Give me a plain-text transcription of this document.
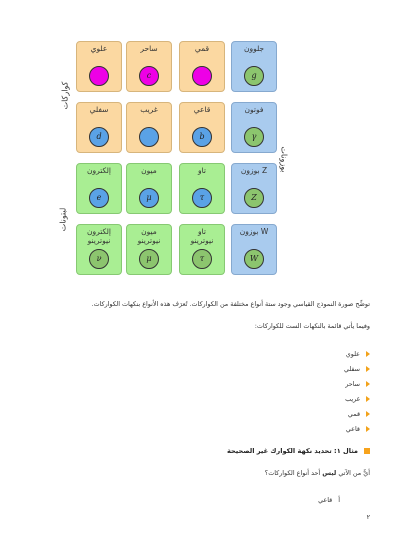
علوي	ساحر
c
قمي	جلوون
g
سفلي
d
غريب	قاعي
b
فوتون
γ
إلكترون
e
ميون
μ
تاو
τ
بوزون Z
Z
إلكترون
نيوترينو
ν
ميون
نيوترينو
μ
تاو
نيوترينو
τ
بوزون W
W
كواركات
لبتونات
بوزونات
توضِّح صورة النموذج القياسي وجود ستة أنواع مختلفة من الكواركات. تُعرَف هذه الأنواع بنكهات الكواركات.
وفيما يأتي قائمة بالنكهات الست للكواركات:
علوي
سفلي
ساحر
غريب
قمي
قاعي
مثال ١: تحديد نكهة الكوارك غير الصحيحة
أيٌّ من الآتي ليس أحد أنواع الكواركات؟
أ
قاعي
٢
